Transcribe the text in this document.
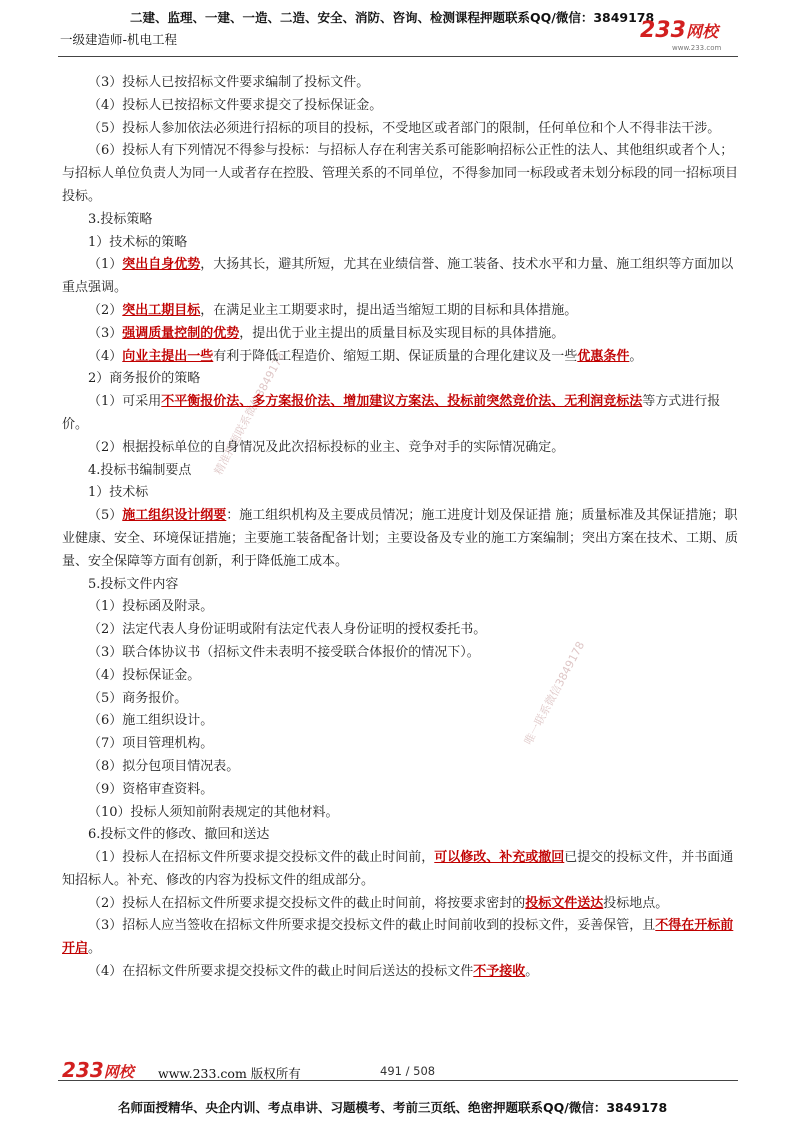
二建、监理、一建、一造、二造、安全、消防、咨询、检测课程押题联系QQ/微信：3849178
一级建造师-机电工程	233网校
www.233.com
精准押题联系微信3849178
唯一联系微信3849178

（3）投标人已按招标文件要求编制了投标文件。

（4）投标人已按招标文件要求提交了投标保证金。

（5）投标人参加依法必须进行招标的项目的投标，不受地区或者部门的限制，任何单位和个人不得非法干涉。

（6）投标人有下列情况不得参与投标：与招标人存在利害关系可能影响招标公正性的法人、其他组织或者个人；与招标人单位负责人为同一人或者存在控股、管理关系的不同单位，不得参加同一标段或者未划分标段的同一招标项目投标。

3.投标策略

1）技术标的策略

（1）突出自身优势，大扬其长，避其所短，尤其在业绩信誉、施工装备、技术水平和力量、施工组织等方面加以重点强调。

（2）突出工期目标，在满足业主工期要求时，提出适当缩短工期的目标和具体措施。

（3）强调质量控制的优势，提出优于业主提出的质量目标及实现目标的具体措施。

（4）向业主提出一些有利于降低工程造价、缩短工期、保证质量的合理化建议及一些优惠条件。

2）商务报价的策略

（1）可采用不平衡报价法、多方案报价法、增加建议方案法、投标前突然竞价法、无利润竞标法等方式进行报价。

（2）根据投标单位的自身情况及此次招标投标的业主、竞争对手的实际情况确定。

4.投标书编制要点

1）技术标

（5）施工组织设计纲要：施工组织机构及主要成员情况；施工进度计划及保证措 施；质量标准及其保证措施；职业健康、安全、环境保证措施；主要施工装备配备计划；主要设备及专业的施工方案编制；突出方案在技术、工期、质量、安全保障等方面有创新，利于降低施工成本。

5.投标文件内容

（1）投标函及附录。

（2）法定代表人身份证明或附有法定代表人身份证明的授权委托书。

（3）联合体协议书（招标文件未表明不接受联合体报价的情况下）。

（4）投标保证金。

（5）商务报价。

（6）施工组织设计。

（7）项目管理机构。

（8）拟分包项目情况表。

（9）资格审查资料。

（10）投标人须知前附表规定的其他材料。

6.投标文件的修改、撤回和送达

（1）投标人在招标文件所要求提交投标文件的截止时间前，可以修改、补充或撤回已提交的投标文件，并书面通知招标人。补充、修改的内容为投标文件的组成部分。

（2）投标人在招标文件所要求提交投标文件的截止时间前，将按要求密封的投标文件送达投标地点。

（3）招标人应当签收在招标文件所要求提交投标文件的截止时间前收到的投标文件，妥善保管，且不得在开标前开启。

（4）在招标文件所要求提交投标文件的截止时间后送达的投标文件不予接收。

233网校 www.233.com 版权所有	491 / 508
名师面授精华、央企内训、考点串讲、习题模考、考前三页纸、绝密押题联系QQ/微信：3849178
